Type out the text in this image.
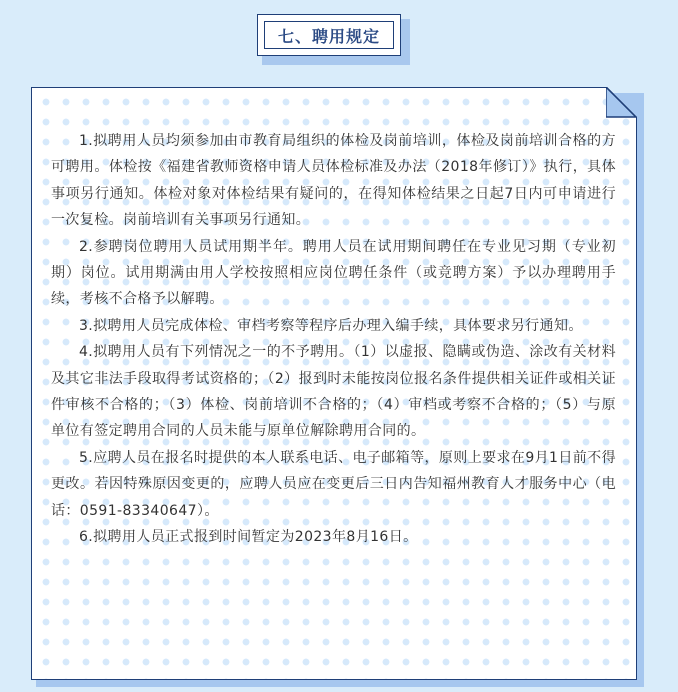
七、聘用规定

1.拟聘用人员均须参加由市教育局组织的体检及岗前培训，体检及岗前培训合格的方可聘用。体检按《福建省教师资格申请人员体检标准及办法（2018年修订）》执行，具体事项另行通知。体检对象对体检结果有疑问的，在得知体检结果之日起7日内可申请进行一次复检。岗前培训有关事项另行通知。

2.参聘岗位聘用人员试用期半年。聘用人员在试用期间聘任在专业见习期（专业初期）岗位。试用期满由用人学校按照相应岗位聘任条件（或竞聘方案）予以办理聘用手续，考核不合格予以解聘。

3.拟聘用人员完成体检、审档考察等程序后办理入编手续，具体要求另行通知。

4.拟聘用人员有下列情况之一的不予聘用。（1）以虚报、隐瞒或伪造、涂改有关材料及其它非法手段取得考试资格的；（2）报到时未能按岗位报名条件提供相关证件或相关证件审核不合格的；（3）体检、岗前培训不合格的；（4）审档或考察不合格的；（5）与原单位有签定聘用合同的人员未能与原单位解除聘用合同的。

5.应聘人员在报名时提供的本人联系电话、电子邮箱等，原则上要求在9月1日前不得更改。若因特殊原因变更的，应聘人员应在变更后三日内告知福州教育人才服务中心（电话：0591-83340647）。

6.拟聘用人员正式报到时间暂定为2023年8月16日。
